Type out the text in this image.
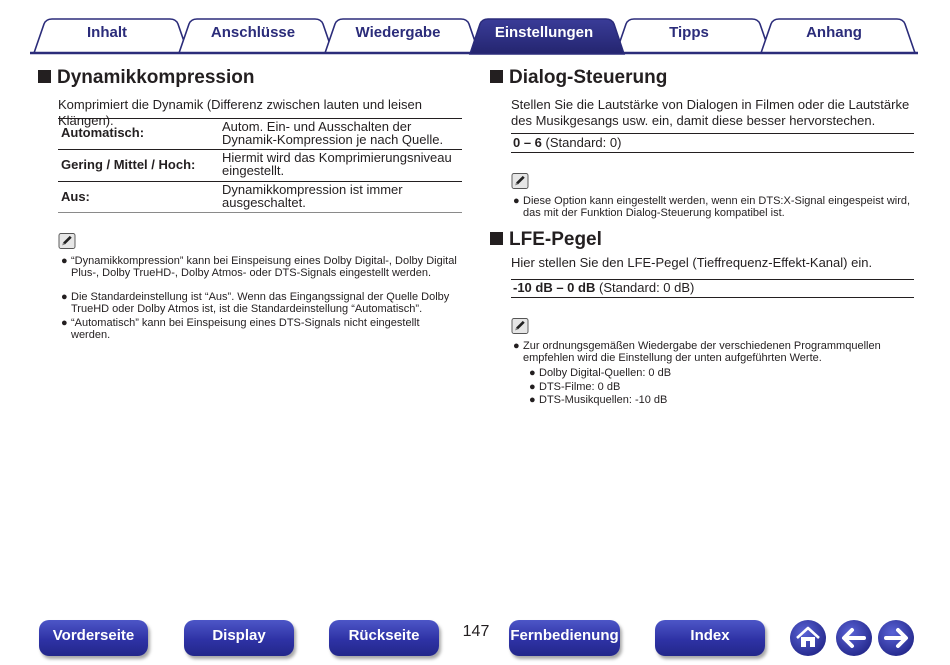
Inhalt	Anschlüsse	Wiedergabe	Einstellungen	Tipps	Anhang
Dynamikkompression
Komprimiert die Dynamik (Differenz zwischen lauten und leisen Klängen).
Automatisch:	Autom. Ein- und Ausschalten der
Dynamik-Kompression je nach Quelle.
Gering / Mittel / Hoch: Hiermit wird das Komprimierungsniveau
eingestellt.
Aus:	Dynamikkompression ist immer
ausgeschaltet.
● “Dynamikkompression” kann bei Einspeisung eines Dolby Digital-, Dolby Digital Plus-, Dolby TrueHD-, Dolby Atmos- oder DTS-Signals eingestellt werden.
● Die Standardeinstellung ist “Aus”. Wenn das Eingangssignal der Quelle Dolby TrueHD oder Dolby Atmos ist, ist die Standardeinstellung “Automatisch”.
● “Automatisch” kann bei Einspeisung eines DTS-Signals nicht eingestellt werden.
Dialog-Steuerung
Stellen Sie die Lautstärke von Dialogen in Filmen oder die Lautstärke des Musikgesangs usw. ein, damit diese besser hervorstechen.
0 – 6 (Standard: 0)
● Diese Option kann eingestellt werden, wenn ein DTS:X-Signal eingespeist wird, das mit der Funktion Dialog-Steuerung kompatibel ist.
LFE-Pegel
Hier stellen Sie den LFE-Pegel (Tieffrequenz-Effekt-Kanal) ein.
-10 dB – 0 dB (Standard: 0 dB)
● Zur ordnungsgemäßen Wiedergabe der verschiedenen Programmquellen empfehlen wird die Einstellung der unten aufgeführten Werte.
● Dolby Digital-Quellen: 0 dB
● DTS-Filme: 0 dB
● DTS-Musikquellen: -10 dB
Vorderseite	Display	Rückseite	147	Fernbedienung	Index
